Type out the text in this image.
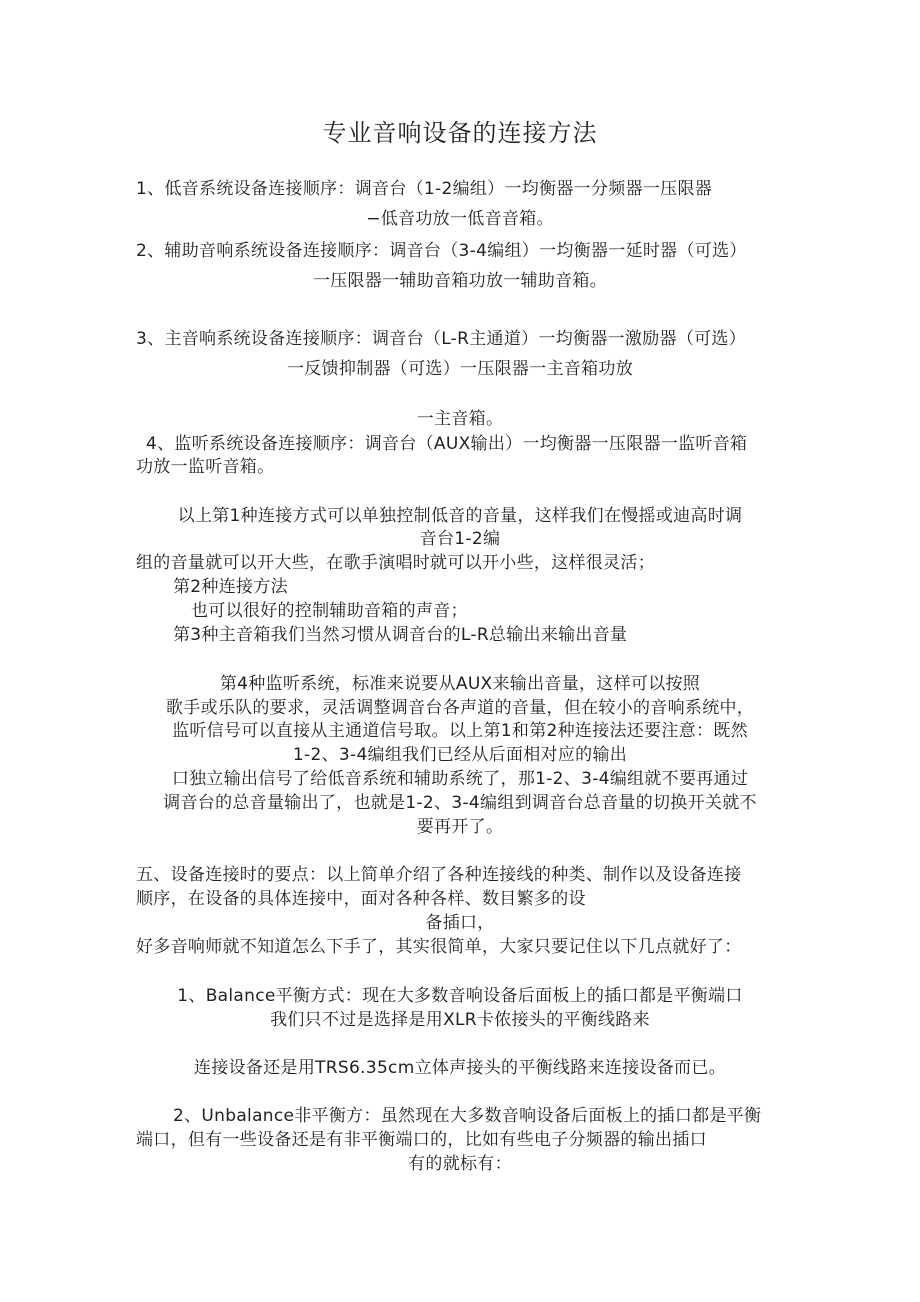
专业音响设备的连接方法
1、低音系统设备连接顺序：调音台（1-2编组）一均衡器一分频器一压限器
−低音功放一低音音箱。
2、辅助音响系统设备连接顺序：调音台（3-4编组）一均衡器一延时器（可选）
一压限器一辅助音箱功放一辅助音箱。
3、主音响系统设备连接顺序：调音台（L-R主通道）一均衡器一激励器（可选）
一反馈抑制器（可选）一压限器一主音箱功放
一主音箱。
4、监听系统设备连接顺序：调音台（AUX输出）一均衡器一压限器一监听音箱
功放一监听音箱。
以上第1种连接方式可以单独控制低音的音量，这样我们在慢摇或迪高时调
音台1-2编
组的音量就可以开大些，在歌手演唱时就可以开小些，这样很灵活；
第2种连接方法
也可以很好的控制辅助音箱的声音；
第3种主音箱我们当然习惯从调音台的L-R总输出来输出音量
第4种监听系统，标准来说要从AUX来输出音量，这样可以按照
歌手或乐队的要求，灵活调整调音台各声道的音量，但在较小的音响系统中，
监听信号可以直接从主通道信号取。以上第1和第2种连接法还要注意：既然
1-2、3-4编组我们已经从后面相对应的输出
口独立输出信号了给低音系统和辅助系统了，那1-2、3-4编组就不要再通过
调音台的总音量输出了，也就是1-2、3-4编组到调音台总音量的切换开关就不
要再开了。
五、设备连接时的要点：以上简单介绍了各种连接线的种类、制作以及设备连接
顺序，在设备的具体连接中，面对各种各样、数目繁多的设
备插口，
好多音响师就不知道怎么下手了，其实很简单，大家只要记住以下几点就好了：
1、Balance平衡方式：现在大多数音响设备后面板上的插口都是平衡端口
我们只不过是选择是用XLR卡侬接头的平衡线路来
连接设备还是用TRS6.35cm立体声接头的平衡线路来连接设备而已。
2、Unbalance非平衡方：虽然现在大多数音响设备后面板上的插口都是平衡
端口，但有一些设备还是有非平衡端口的，比如有些电子分频器的输出插口
有的就标有：
